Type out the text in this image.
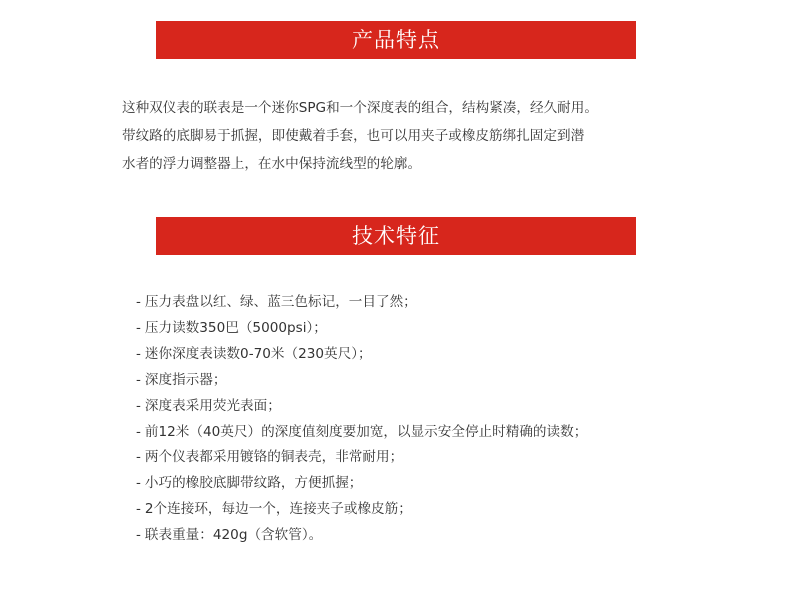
产品特点
这种双仪表的联表是一个迷你SPG和一个深度表的组合，结构紧凑，经久耐用。
带纹路的底脚易于抓握，即使戴着手套，也可以用夹子或橡皮筋绑扎固定到潜
水者的浮力调整器上，在水中保持流线型的轮廓。
技术特征
- 压力表盘以红、绿、蓝三色标记，一目了然；
- 压力读数350巴（5000psi）；
- 迷你深度表读数0-70米（230英尺）；
- 深度指示器；
- 深度表采用荧光表面；
- 前12米（40英尺）的深度值刻度要加宽，以显示安全停止时精确的读数；
- 两个仪表都采用镀铬的铜表壳，非常耐用；
- 小巧的橡胶底脚带纹路，方便抓握；
- 2个连接环，每边一个，连接夹子或橡皮筋；
- 联表重量：420g（含软管）。
